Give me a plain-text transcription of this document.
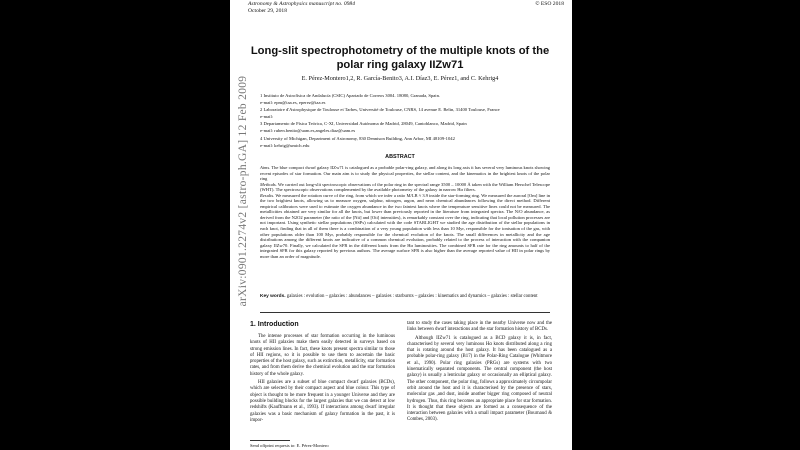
Astronomy & Astrophysics manuscript no. 0984
October 29, 2018
© ESO 2018
arXiv:0901.2274v2 [astro-ph.GA] 12 Feb 2009
Long-slit spectrophotometry of the multiple knots of the polar ring galaxy IIZw71
E. Pérez-Montero1,2, R. García-Benito3, A.I. Díaz3, E. Pérez1, and C. Kehrig4
1 Instituto de Astrofísica de Andalucía (CSIC) Apartado de Correos 3004. 18080, Granada, Spain.
e-mail: epm@iaa.es, eperez@iaa.es
2 Laboratoire d'Astrophysique de Toulouse et Tarbes, Université de Toulouse, CNRS, 14 avenue E. Belin, 31400 Toulouse, France
e-mail:
3 Departamento de Física Teórica, C-XI, Universidad Autónoma de Madrid, 28049, Cantoblanco, Madrid, Spain
e-mail: ruben.benito@uam.es,angeles.diaz@uam.es
4 University of Michigan, Department of Astronomy, 830 Dennison Building, Ann Arbor, MI 48109-1042
e-mail: kehrig@umich.edu
ABSTRACT

Aims. The blue compact dwarf galaxy IIZw71 is catalogued as a probable polar-ring galaxy, and along its long axis it has several very luminous knots showing recent episodes of star formation. Our main aim is to study the physical properties, the stellar content, and the kinematics in the brightest knots of the polar ring

Methods. We carried out long-slit spectroscopic observations of the polar ring in the spectral range 3500 – 10000 Å taken with the William Herschel Telescope (WHT). The spectroscopic observations complemented by the available photometry of the galaxy in narrow Hα filters.

Results. We measured the rotation curve of the ring, from which we infer a ratio M/LB ≈ 3.9 inside the star-forming ring. We measured the auroral [Om] line in the two brightest knots, allowing us to measure oxygen, sulphur, nitrogen, argon, and neon chemical abundances following the direct method. Different empirical calibrators were used to estimate the oxygen abundance in the two faintest knots where the temperature sensitive lines could not be measured. The metallicities obtained are very similar for all the knots, but lower than previously reported in the literature from integrated spectra. The N/O abundance, as derived from the N2O2 parameter (the ratio of the [Nii] and [Oii] intensities), is remarkably constant over the ring, indicating that local pollution processes are not important. Using synthetic stellar populations (SSPs) calculated with the code STARLIGHT we studied the age distribution of the stellar populations in each knot, finding that in all of them there is a combination of a very young population with less than 10 Myr, responsible for the ionisation of the gas, with other populations older than 100 Myr, probably responsible for the chemical evolution of the knots. The small differences in metallicity and the age distributions among the different knots are indicative of a common chemical evolution, probably related to the process of interaction with the companion galaxy IIZw70. Finally, we calculated the SFR in the different knots from the Hα luminosities. The combined SFR rate for the ring amounts to half of the integrated SFR for this galaxy reported by previous authors. The average surface SFR is also higher than the average reported value of HII in polar rings by more than an order of magnitude.

Key words. galaxies : evolution – galaxies : abundances – galaxies : starbursts – galaxies : kinematics and dynamics – galaxies : stellar content
1. Introduction

The intense processes of star formation occurring in the luminous knots of HII galaxies make them easily detected in surveys based on strong emission lines. In fact, these knots present spectra similar to those of HII regions, so it is possible to use them to ascertain the basic properties of the host galaxy, such as extinction, metallicity, star formation rates, and from them derive the chemical evolution and the star formation history of the whole galaxy.

HII galaxies are a subset of blue compact dwarf galaxies (BCDs), which are selected by their compact aspect and blue colour. This type of object is thought to be more frequent in a younger Universe and they are possible building blocks for the largest galaxies that we can detect at low redshifts (Kauffmann et al., 1993). If interactions among dwarf irregular galaxies was a basic mechanism of galaxy formation in the past, it is impor-

tant to study the cases taking place in the nearby Universe now and the links between dwarf interactions and the star formation history of BCDs.

Although IIZw71 is catalogued as a BCD galaxy it is, in fact, characterised by several very luminous Hα knots distributed along a ring that is rotating around the host galaxy. It has been catalogued as a probable polar-ring galaxy (B17) in the Polar-Ring Catalogue (Whitmore et al., 1990). Polar ring galaxies (PRGs) are systems with two kinematically separated components. The central component (the host galaxy) is usually a lenticular galaxy or occasionally an elliptical galaxy. The other component, the polar ring, follows a approximately circumpolar orbit around the host and it is characterised by the presence of stars, molecular gas ,and dust, inside another bigger ring composed of neutral hydrogen. Thus, this ring becomes an appropriate place for star formation. It is thought that these objects are formed as a consequence of the interaction between galaxies with a small impact parameter (Bournaud & Combes, 2003).

Send offprint requests to: E. Pérez-Montero
